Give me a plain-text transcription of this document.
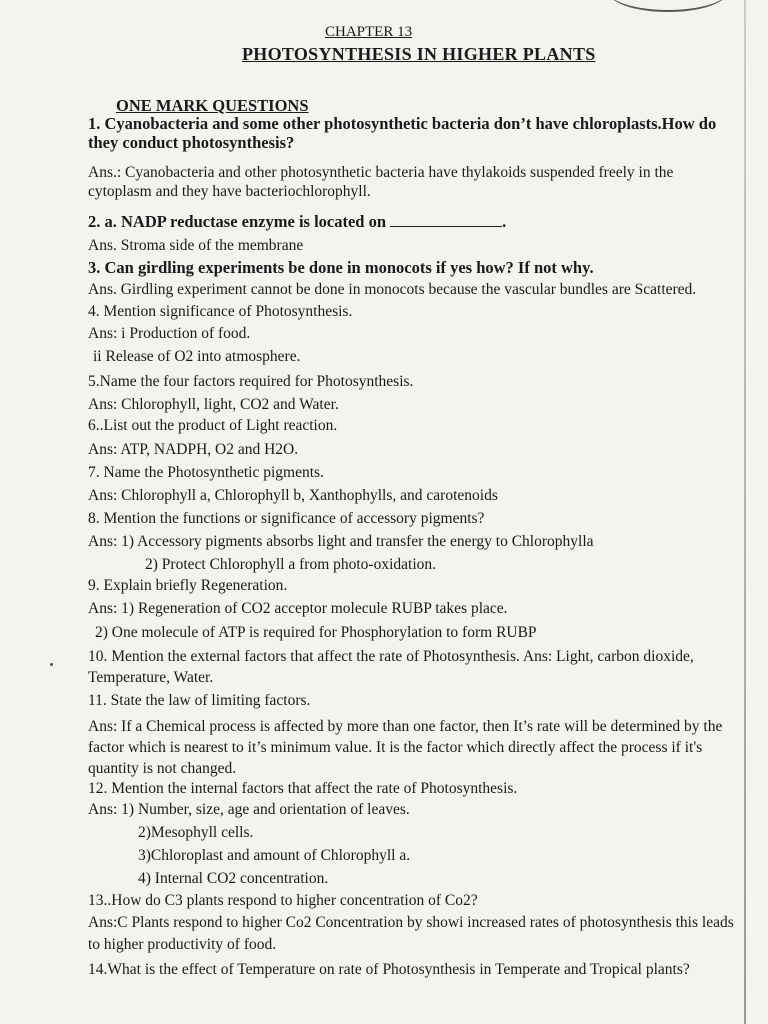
CHAPTER 13
PHOTOSYNTHESIS IN HIGHER PLANTS
ONE MARK QUESTIONS
1. Cyanobacteria and some other photosynthetic bacteria don’t have chloroplasts.How do
they conduct photosynthesis?
Ans.: Cyanobacteria and other photosynthetic bacteria have thylakoids suspended freely in the
cytoplasm and they have bacteriochlorophyll.
2. a. NADP reductase enzyme is located on	.
Ans. Stroma side of the membrane
3. Can girdling experiments be done in monocots if yes how? If not why.
Ans. Girdling experiment cannot be done in monocots because the vascular bundles are Scattered.
4. Mention significance of Photosynthesis.
Ans: i Production of food.
ii Release of O2 into atmosphere.
5.Name the four factors required for Photosynthesis.
Ans: Chlorophyll, light, CO2 and Water.
6..List out the product of Light reaction.
Ans: ATP, NADPH, O2 and H2O.
7. Name the Photosynthetic pigments.
Ans: Chlorophyll a, Chlorophyll b, Xanthophylls, and carotenoids
8. Mention the functions or significance of accessory pigments?
Ans: 1) Accessory pigments absorbs light and transfer the energy to Chlorophylla
2) Protect Chlorophyll a from photo-oxidation.
9. Explain briefly Regeneration.
Ans: 1) Regeneration of CO2 acceptor molecule RUBP takes place.
2) One molecule of ATP is required for Phosphorylation to form RUBP
10. Mention the external factors that affect the rate of Photosynthesis. Ans: Light, carbon dioxide,
Temperature, Water.
11. State the law of limiting factors.
Ans: If a Chemical process is affected by more than one factor, then It’s rate will be determined by the
factor which is nearest to it’s minimum value. It is the factor which directly affect the process if it's
quantity is not changed.
12. Mention the internal factors that affect the rate of Photosynthesis.
Ans: 1) Number, size, age and orientation of leaves.
2)Mesophyll cells.
3)Chloroplast and amount of Chlorophyll a.
4) Internal CO2 concentration.
13..How do C3 plants respond to higher concentration of Co2?
Ans:C Plants respond to higher Co2 Concentration by showi increased rates of photosynthesis this leads
to higher productivity of food.
14.What is the effect of Temperature on rate of Photosynthesis in Temperate and Tropical plants?
